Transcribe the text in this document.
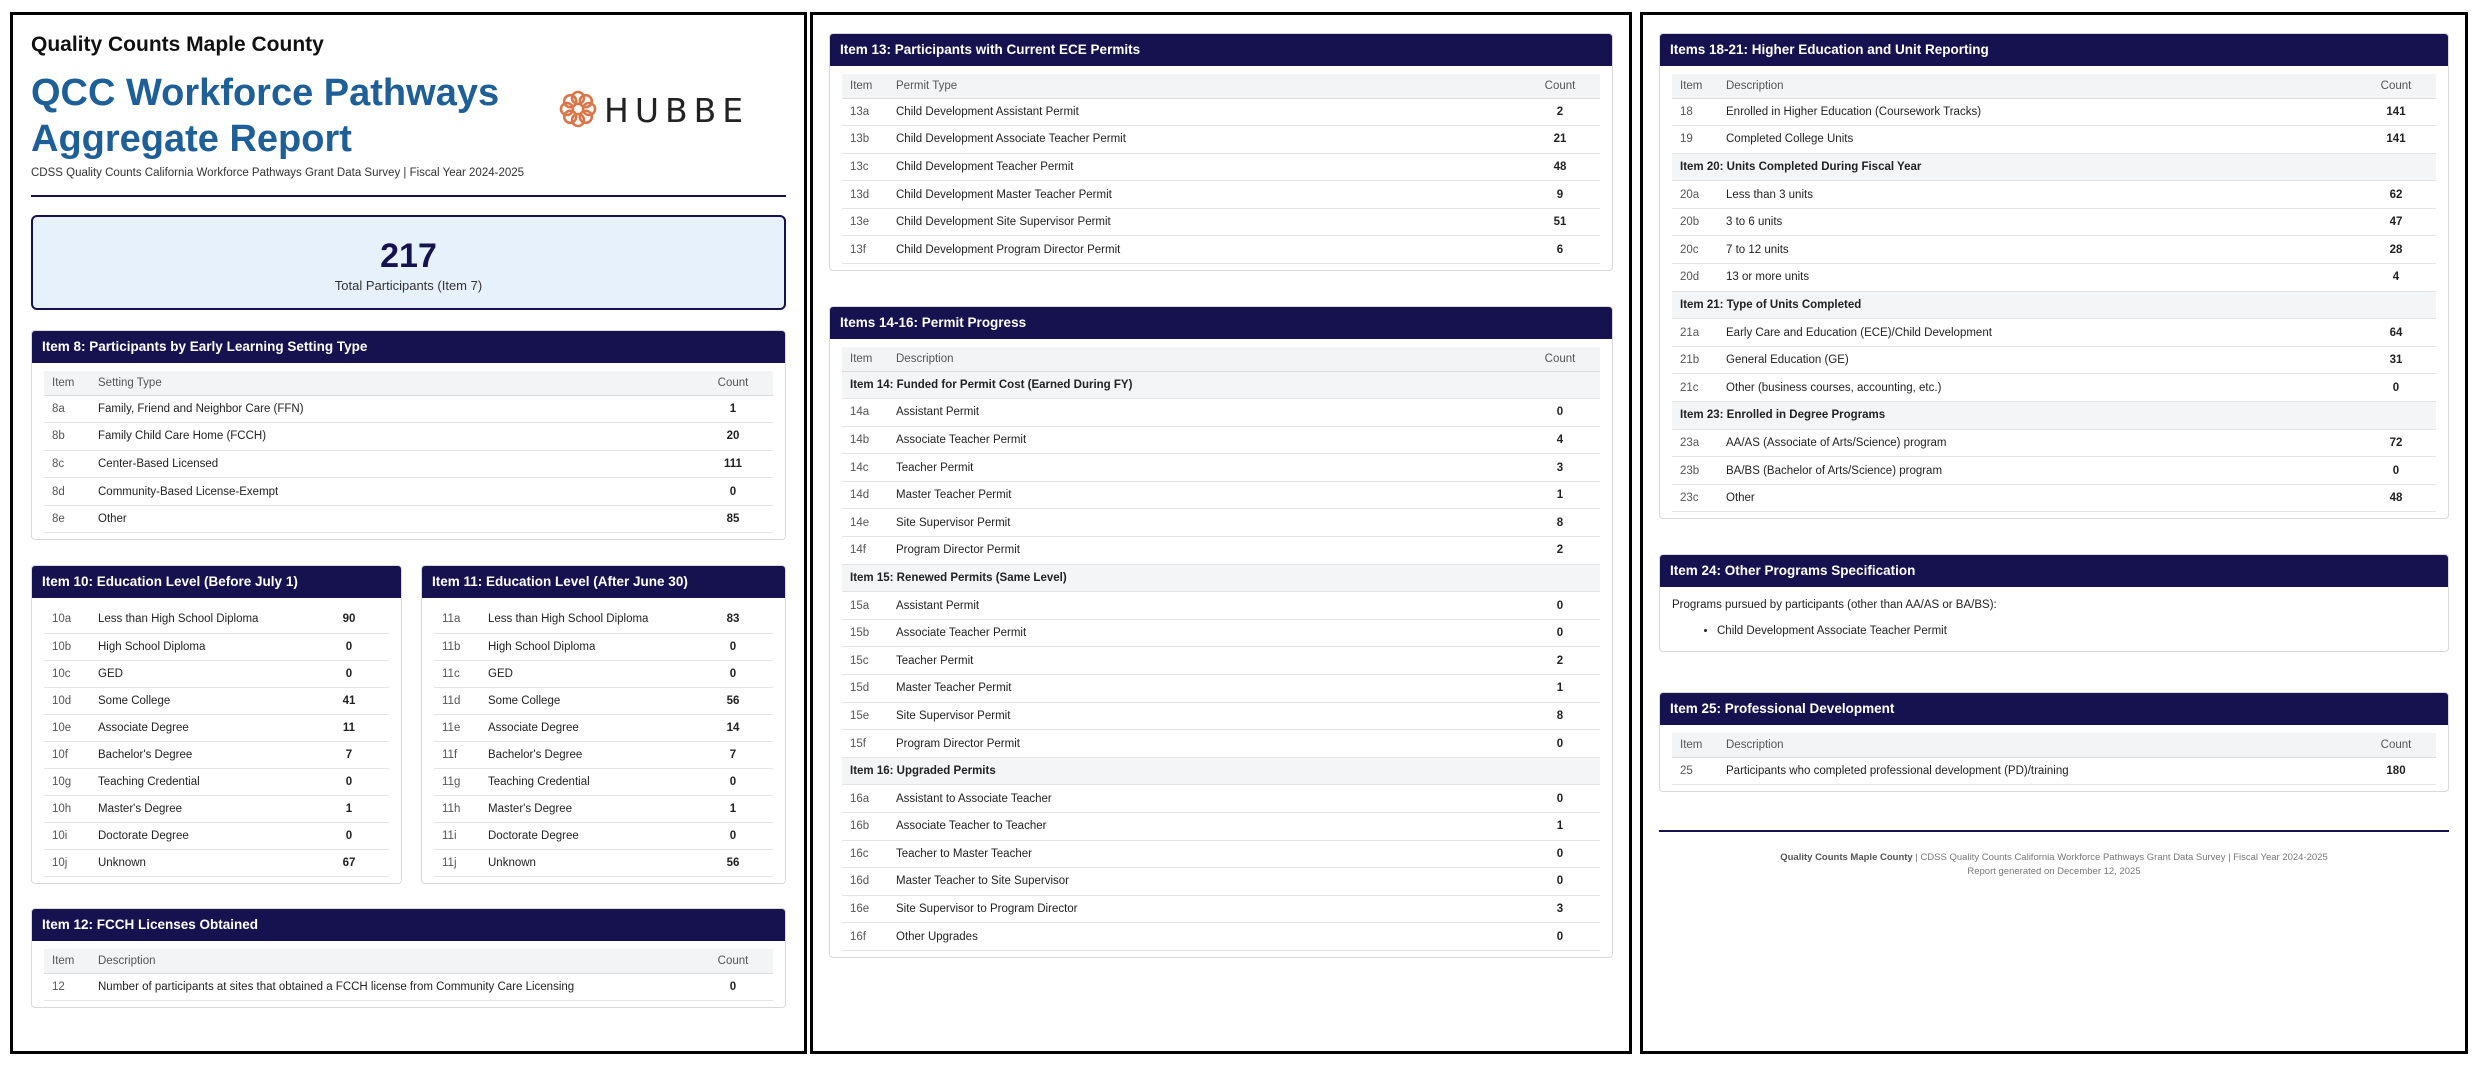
Quality Counts Maple County
QCC Workforce Pathways Aggregate Report
HUBBE
CDSS Quality Counts California Workforce Pathways Grant Data Survey | Fiscal Year 2024-2025
217
Total Participants (Item 7)
Item 8: Participants by Early Learning Setting Type
Item	Setting Type	Count
8a	Family, Friend and Neighbor Care (FFN)	1
8b	Family Child Care Home (FCCH)	20
8c	Center-Based Licensed	111
8d	Community-Based License-Exempt	0
8e	Other	85
Item 10: Education Level (Before July 1)
10a	Less than High School Diploma	90
10b	High School Diploma	0
10c	GED	0
10d	Some College	41
10e	Associate Degree	11
10f	Bachelor's Degree	7
10g	Teaching Credential	0
10h	Master's Degree	1
10i	Doctorate Degree	0
10j	Unknown	67
Item 11: Education Level (After June 30)
11a	Less than High School Diploma	83
11b	High School Diploma	0
11c	GED	0
11d	Some College	56
11e	Associate Degree	14
11f	Bachelor's Degree	7
11g	Teaching Credential	0
11h	Master's Degree	1
11i	Doctorate Degree	0
11j	Unknown	56
Item 12: FCCH Licenses Obtained
Item	Description	Count
12	Number of participants at sites that obtained a FCCH license from Community Care Licensing	0
Item 13: Participants with Current ECE Permits
Item	Permit Type	Count
13a	Child Development Assistant Permit	2
13b	Child Development Associate Teacher Permit	21
13c	Child Development Teacher Permit	48
13d	Child Development Master Teacher Permit	9
13e	Child Development Site Supervisor Permit	51
13f	Child Development Program Director Permit	6
Items 14-16: Permit Progress
Item	Description	Count
Item 14: Funded for Permit Cost (Earned During FY)		
14a	Assistant Permit	0
14b	Associate Teacher Permit	4
14c	Teacher Permit	3
14d	Master Teacher Permit	1
14e	Site Supervisor Permit	8
14f	Program Director Permit	2
Item 15: Renewed Permits (Same Level)		
15a	Assistant Permit	0
15b	Associate Teacher Permit	0
15c	Teacher Permit	2
15d	Master Teacher Permit	1
15e	Site Supervisor Permit	8
15f	Program Director Permit	0
Item 16: Upgraded Permits		
16a	Assistant to Associate Teacher	0
16b	Associate Teacher to Teacher	1
16c	Teacher to Master Teacher	0
16d	Master Teacher to Site Supervisor	0
16e	Site Supervisor to Program Director	3
16f	Other Upgrades	0
Items 18-21: Higher Education and Unit Reporting
Item	Description	Count
18	Enrolled in Higher Education (Coursework Tracks)	141
19	Completed College Units	141
Item 20: Units Completed During Fiscal Year		
20a	Less than 3 units	62
20b	3 to 6 units	47
20c	7 to 12 units	28
20d	13 or more units	4
Item 21: Type of Units Completed		
21a	Early Care and Education (ECE)/Child Development	64
21b	General Education (GE)	31
21c	Other (business courses, accounting, etc.)	0
Item 23: Enrolled in Degree Programs		
23a	AA/AS (Associate of Arts/Science) program	72
23b	BA/BS (Bachelor of Arts/Science) program	0
23c	Other	48
Item 24: Other Programs Specification
Programs pursued by participants (other than AA/AS or BA/BS):
• Child Development Associate Teacher Permit
Item 25: Professional Development
Item	Description	Count
25	Participants who completed professional development (PD)/training	180
Quality Counts Maple County | CDSS Quality Counts California Workforce Pathways Grant Data Survey | Fiscal Year 2024-2025
Report generated on December 12, 2025
